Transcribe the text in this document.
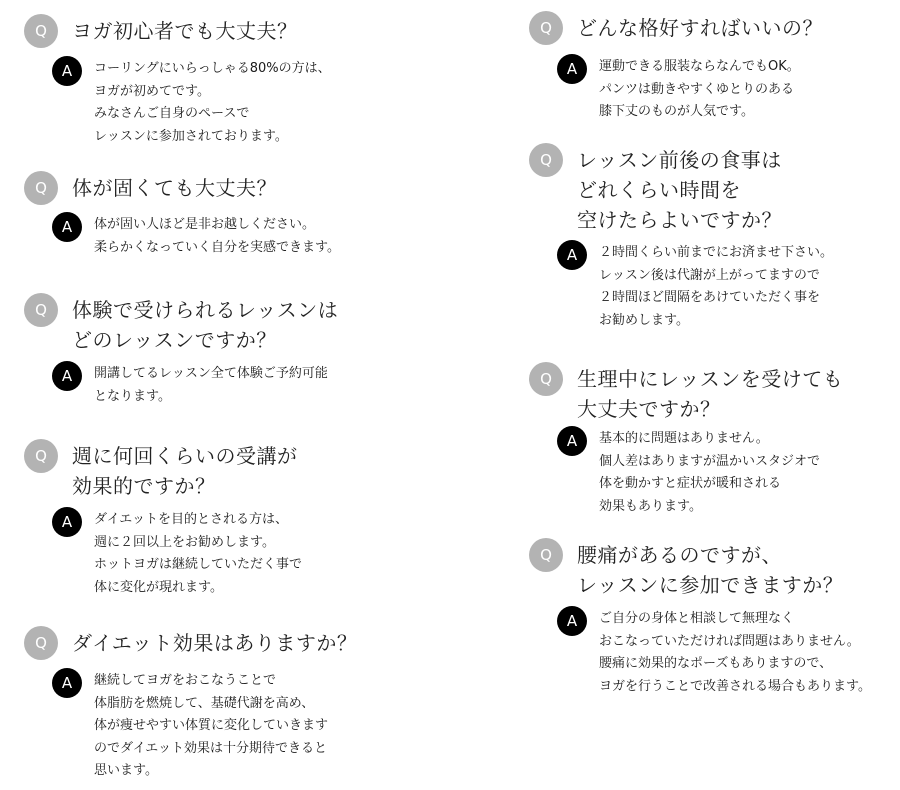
Q	ヨガ初心者でも大丈夫？
A	コーリングにいらっしゃる80%の方は、
ヨガが初めてです。
みなさんご自身のペースで
レッスンに参加されております。
Q	体が固くても大丈夫？
A	体が固い人ほど是非お越しください。
柔らかくなっていく自分を実感できます。
Q	体験で受けられるレッスンは
どのレッスンですか？
A	開講してるレッスン全て体験ご予約可能
となります。
Q	週に何回くらいの受講が
効果的ですか？
A	ダイエットを目的とされる方は、
週に２回以上をお勧めします。
ホットヨガは継続していただく事で
体に変化が現れます。
Q	ダイエット効果はありますか？
A	継続してヨガをおこなうことで
体脂肪を燃焼して、基礎代謝を高め、
体が痩せやすい体質に変化していきます
のでダイエット効果は十分期待できると
思います。
Q	どんな格好すればいいの？
A	運動できる服装ならなんでもOK。
パンツは動きやすくゆとりのある
膝下丈のものが人気です。
Q	レッスン前後の食事は
どれくらい時間を
空けたらよいですか？
A	２時間くらい前までにお済ませ下さい。
レッスン後は代謝が上がってますので
２時間ほど間隔をあけていただく事を
お勧めします。
Q	生理中にレッスンを受けても
大丈夫ですか？
A	基本的に問題はありません。
個人差はありますが温かいスタジオで
体を動かすと症状が暖和される
効果もあります。
Q	腰痛があるのですが、
レッスンに参加できますか？
A	ご自分の身体と相談して無理なく
おこなっていただければ問題はありません。
腰痛に効果的なポーズもありますので、
ヨガを行うことで改善される場合もあります。
